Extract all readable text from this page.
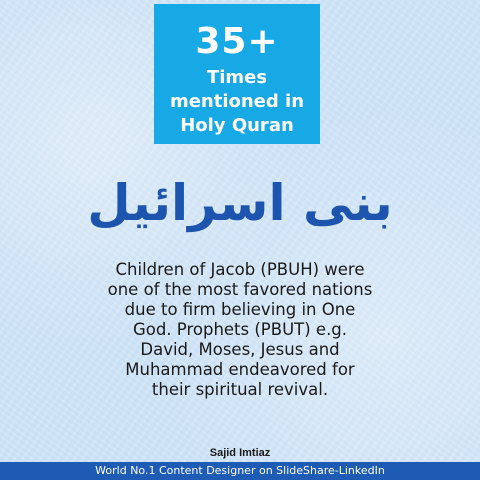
35+
Times
mentioned in
Holy Quran
بنی اسرائیل
Children of Jacob (PBUH) were
one of the most favored nations
due to firm believing in One
God. Prophets (PBUT) e.g.
David, Moses, Jesus and
Muhammad endeavored for
their spiritual revival.
Sajid Imtiaz
World No.1 Content Designer on SlideShare-LinkedIn
